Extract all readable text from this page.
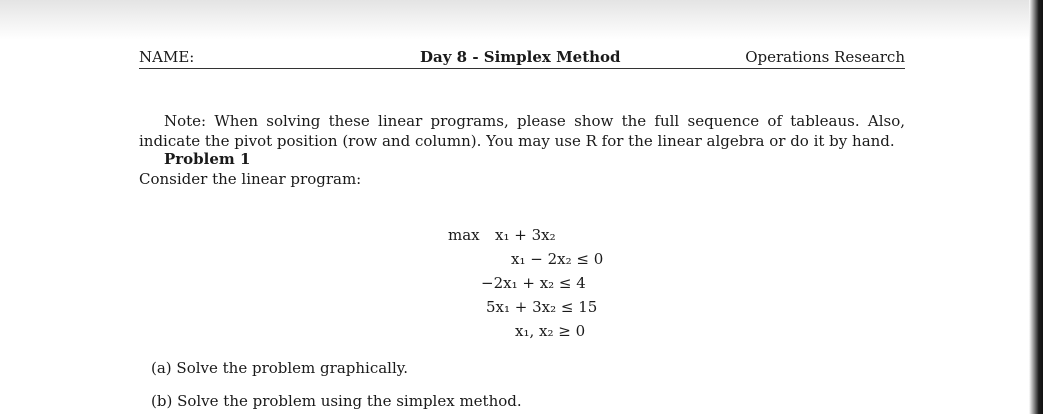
NAME:	Day 8 - Simplex Method	Operations Research
Note: When solving these linear programs, please show the full sequence of tableaus. Also, indicate the pivot position (row and column). You may use R for the linear algebra or do it by hand.
Problem 1
Consider the linear program:
max x₁ + 3x₂
x₁ − 2x₂ ≤ 0
−2x₁ + x₂ ≤ 4
5x₁ + 3x₂ ≤ 15
x₁, x₂ ≥ 0
(a) Solve the problem graphically.
(b) Solve the problem using the simplex method.
